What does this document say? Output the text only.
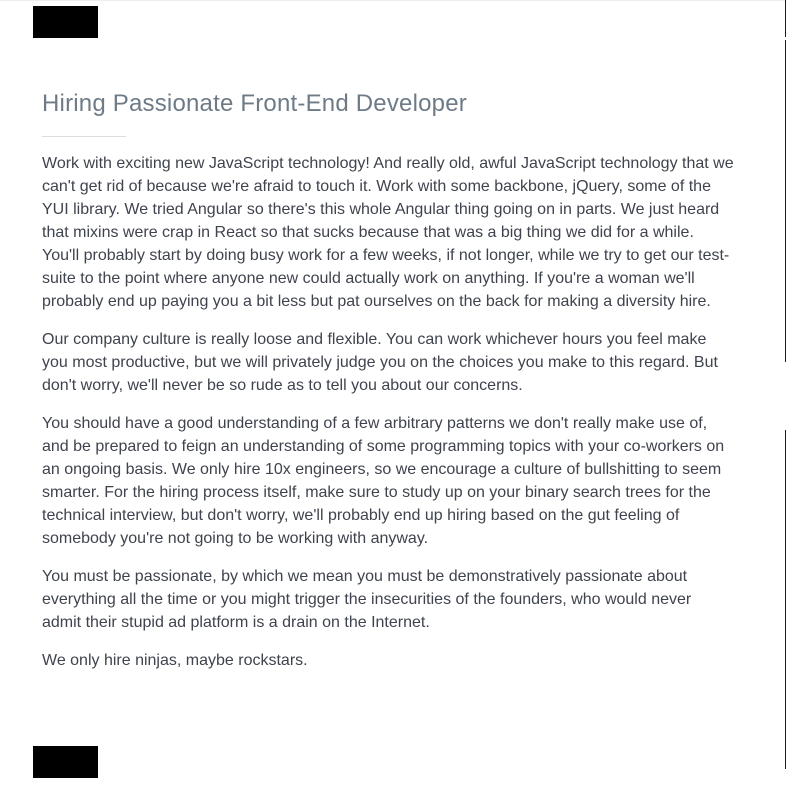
Hiring Passionate Front-End Developer

Work with exciting new JavaScript technology! And really old, awful JavaScript technology that we can't get rid of because we're afraid to touch it. Work with some backbone, jQuery, some of the YUI library. We tried Angular so there's this whole Angular thing going on in parts. We just heard that mixins were crap in React so that sucks because that was a big thing we did for a while. You'll probably start by doing busy work for a few weeks, if not longer, while we try to get our test-suite to the point where anyone new could actually work on anything. If you're a woman we'll probably end up paying you a bit less but pat ourselves on the back for making a diversity hire.

Our company culture is really loose and flexible. You can work whichever hours you feel make you most productive, but we will privately judge you on the choices you make to this regard. But don't worry, we'll never be so rude as to tell you about our concerns.

You should have a good understanding of a few arbitrary patterns we don't really make use of, and be prepared to feign an understanding of some programming topics with your co-workers on an ongoing basis. We only hire 10x engineers, so we encourage a culture of bullshitting to seem smarter. For the hiring process itself, make sure to study up on your binary search trees for the technical interview, but don't worry, we'll probably end up hiring based on the gut feeling of somebody you're not going to be working with anyway.

You must be passionate, by which we mean you must be demonstratively passionate about everything all the time or you might trigger the insecurities of the founders, who would never admit their stupid ad platform is a drain on the Internet.

We only hire ninjas, maybe rockstars.
